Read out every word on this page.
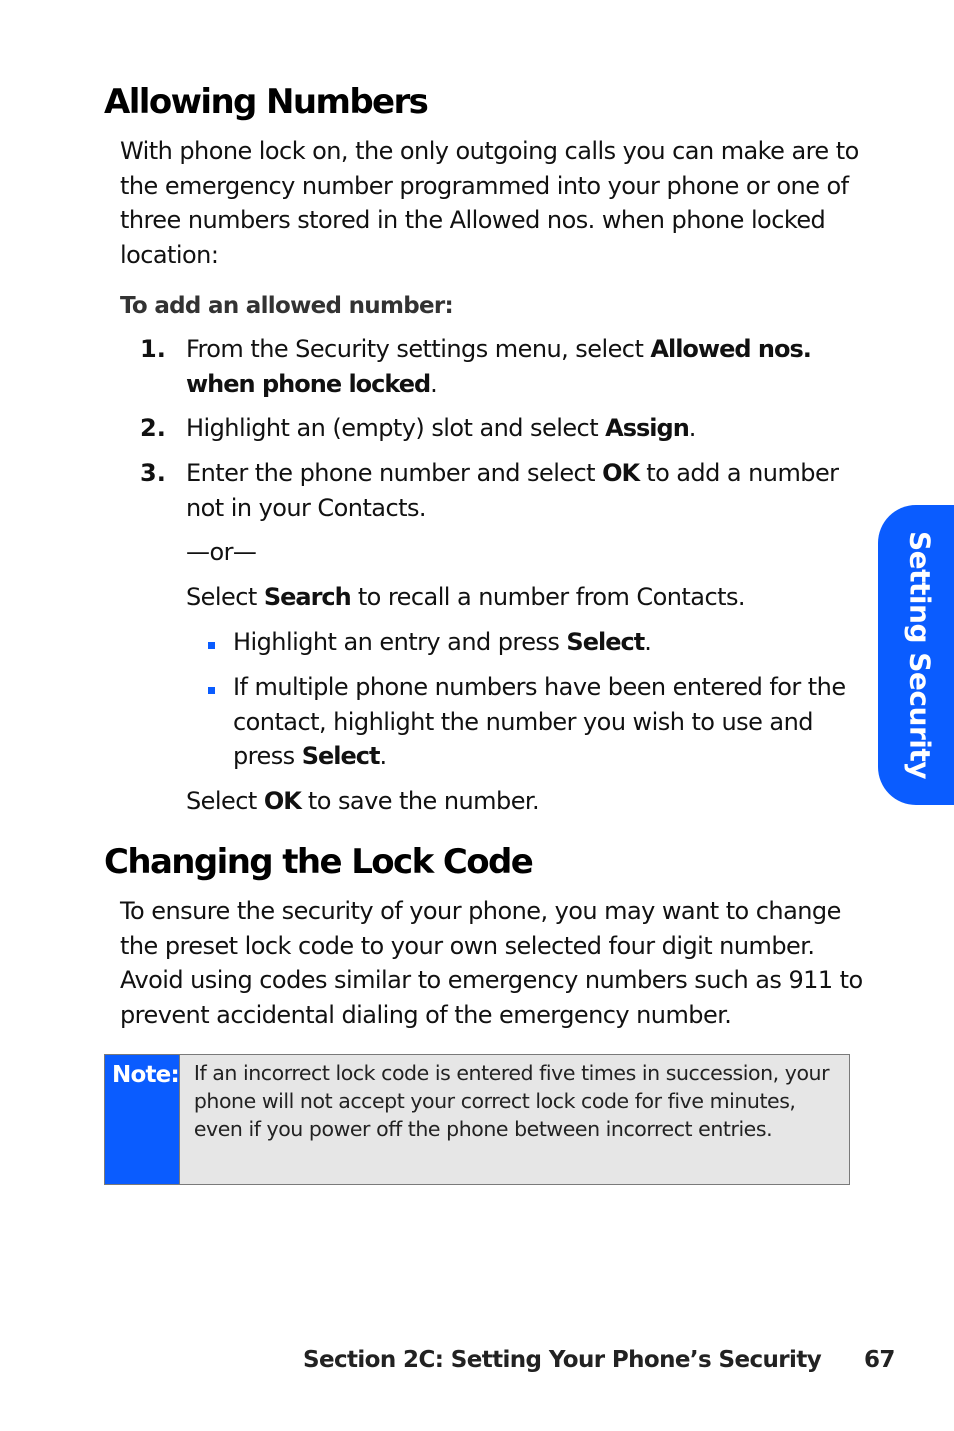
Allowing Numbers

With phone lock on, the only outgoing calls you can make are to the emergency number programmed into your phone or one of three numbers stored in the Allowed nos. when phone locked location:

To add an allowed number:
1. From the Security settings menu, select Allowed nos. when phone locked.

2. Highlight an (empty) slot and select Assign.

3. Enter the phone number and select OK to add a number not in your Contacts.

—or—

Select Search to recall a number from Contacts.

Highlight an entry and press Select.

If multiple phone numbers have been entered for the contact, highlight the number you wish to use and press Select.

Select OK to save the number.

Changing the Lock Code

To ensure the security of your phone, you may want to change the preset lock code to your own selected four digit number. Avoid using codes similar to emergency numbers such as 911 to prevent accidental dialing of the emergency number.

Note: If an incorrect lock code is entered five times in succession, your phone will not accept your correct lock code for five minutes, even if you power off the phone between incorrect entries.

Setting Security
Section 2C: Setting Your Phone’s Security 67
